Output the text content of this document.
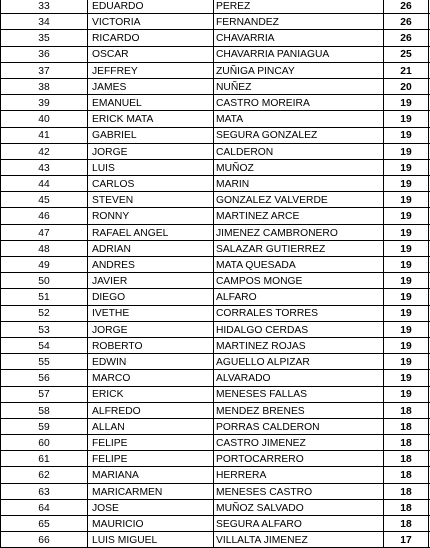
33	EDUARDO	PEREZ	26
34	VICTORIA	FERNANDEZ	26
35	RICARDO	CHAVARRIA	26
36	OSCAR	CHAVARRIA PANIAGUA	25
37	JEFFREY	ZUÑIGA PINCAY	21
38	JAMES	NUÑEZ	20
39	EMANUEL	CASTRO MOREIRA	19
40	ERICK MATA	MATA	19
41	GABRIEL	SEGURA GONZALEZ	19
42	JORGE	CALDERON	19
43	LUIS	MUÑOZ	19
44	CARLOS	MARIN	19
45	STEVEN	GONZALEZ VALVERDE	19
46	RONNY	MARTINEZ ARCE	19
47	RAFAEL ANGEL	JIMENEZ CAMBRONERO	19
48	ADRIAN	SALAZAR GUTIERREZ	19
49	ANDRES	MATA QUESADA	19
50	JAVIER	CAMPOS MONGE	19
51	DIEGO	ALFARO	19
52	IVETHE	CORRALES TORRES	19
53	JORGE	HIDALGO CERDAS	19
54	ROBERTO	MARTINEZ ROJAS	19
55	EDWIN	AGUELLO ALPIZAR	19
56	MARCO	ALVARADO	19
57	ERICK	MENESES FALLAS	19
58	ALFREDO	MENDEZ BRENES	18
59	ALLAN	PORRAS CALDERON	18
60	FELIPE	CASTRO JIMENEZ	18
61	FELIPE	PORTOCARRERO	18
62	MARIANA	HERRERA	18
63	MARICARMEN	MENESES CASTRO	18
64	JOSE	MUÑOZ SALVADO	18
65	MAURICIO	SEGURA ALFARO	18
66	LUIS MIGUEL	VILLALTA JIMENEZ	17
